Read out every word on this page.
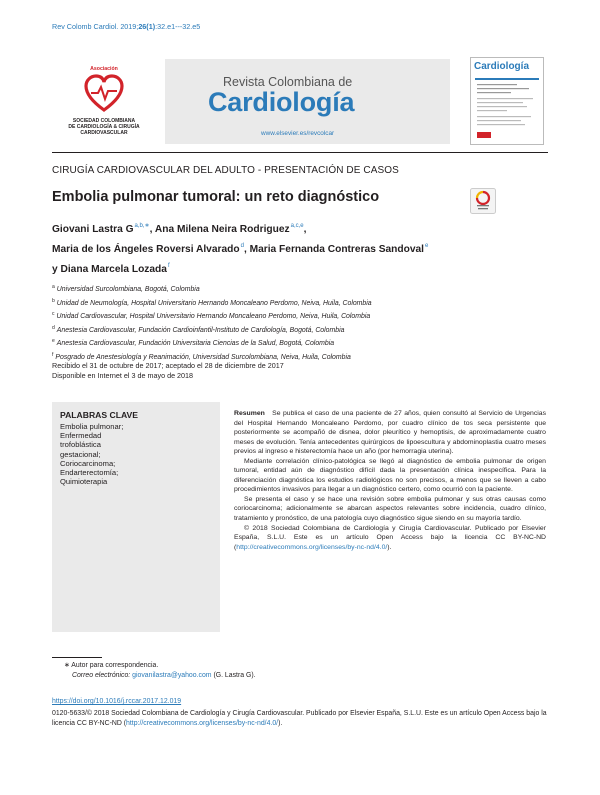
Rev Colomb Cardiol. 2019;26(1):32.e1---32.e5
Asociación
SOCIEDAD COLOMBIANA
DE CARDIOLOGÍA & CIRUGÍA
CARDIOVASCULAR
Revista Colombiana de
Cardiología
www.elsevier.es/revcolcar
Cardiología
CIRUGÍA CARDIOVASCULAR DEL ADULTO - PRESENTACIÓN DE CASOS
Embolia pulmonar tumoral: un reto diagnóstico
Giovani Lastra $G^{a,b,∗}$, Ana Milena Neira Rodriguez$^{a,c,e}$,
Maria de los Ángeles Roversi Alvarado$^d$, Maria Fernanda Contreras Sandoval$^e$
y Diana Marcela Lozada$^f$
$^a$ Universidad Surcolombiana, Bogotá, Colombia
$^b$ Unidad de Neumología, Hospital Universitario Hernando Moncaleano Perdomo, Neiva, Huila, Colombia
$^c$ Unidad Cardiovascular, Hospital Universitario Hernando Moncaleano Perdomo, Neiva, Huila, Colombia
$^d$ Anestesia Cardiovascular, Fundación Cardioinfantil-Instituto de Cardiología, Bogotá, Colombia
$^e$ Anestesia Cardiovascular, Fundación Universitaria Ciencias de la Salud, Bogotá, Colombia
$^f$ Posgrado de Anestesiología y Reanimación, Universidad Surcolombiana, Neiva, Huila, Colombia
Recibido el 31 de octubre de 2017; aceptado el 28 de diciembre de 2017
Disponible en Internet el 3 de mayo de 2018
PALABRAS CLAVE
Embolia pulmonar;
Enfermedad
trofoblástica
gestacional;
Coriocarcinoma;
Endarterectomía;
Quimioterapia

Resumen Se publica el caso de una paciente de 27 años, quien consultó al Servicio de Urgencias del Hospital Hernando Moncaleano Perdomo, por cuadro clínico de tos seca persistente que posteriormente se acompañó de disnea, dolor pleurítico y hemoptisis, de aproximadamente cuatro meses de evolución. Tenía antecedentes quirúrgicos de lipoescultura y abdominoplastia cuatro meses previos al ingreso e histerectomía hace un año (por hemorragia uterina).

Mediante correlación clínico-patológica se llegó al diagnóstico de embolia pulmonar de origen tumoral, entidad aún de diagnóstico difícil dada la presentación clínica inespecífica. Para la diferenciación diagnóstica los estudios radiológicos no son precisos, a menos que se lleven a cabo procedimientos invasivos para llegar a un diagnóstico certero, como ocurrió con la paciente.

Se presenta el caso y se hace una revisión sobre embolia pulmonar y sus otras causas como coriocarcinoma; adicionalmente se abarcan aspectos relevantes sobre incidencia, cuadro clínico, tratamiento y pronóstico, de una patología cuyo diagnóstico sigue siendo en su mayoría tardío.

© 2018 Sociedad Colombiana de Cardiología y Cirugía Cardiovascular. Publicado por Elsevier España, S.L.U. Este es un artículo Open Access bajo la licencia CC BY-NC-ND (http://creativecommons.org/licenses/by-nc-nd/4.0/).

∗ Autor para correspondencia.
Correo electrónico: giovanilastra@yahoo.com (G. Lastra G).
https://doi.org/10.1016/j.rccar.2017.12.019
0120-5633/© 2018 Sociedad Colombiana de Cardiología y Cirugía Cardiovascular. Publicado por Elsevier España, S.L.U. Este es un artículo Open Access bajo la licencia CC BY-NC-ND (http://creativecommons.org/licenses/by-nc-nd/4.0/).
